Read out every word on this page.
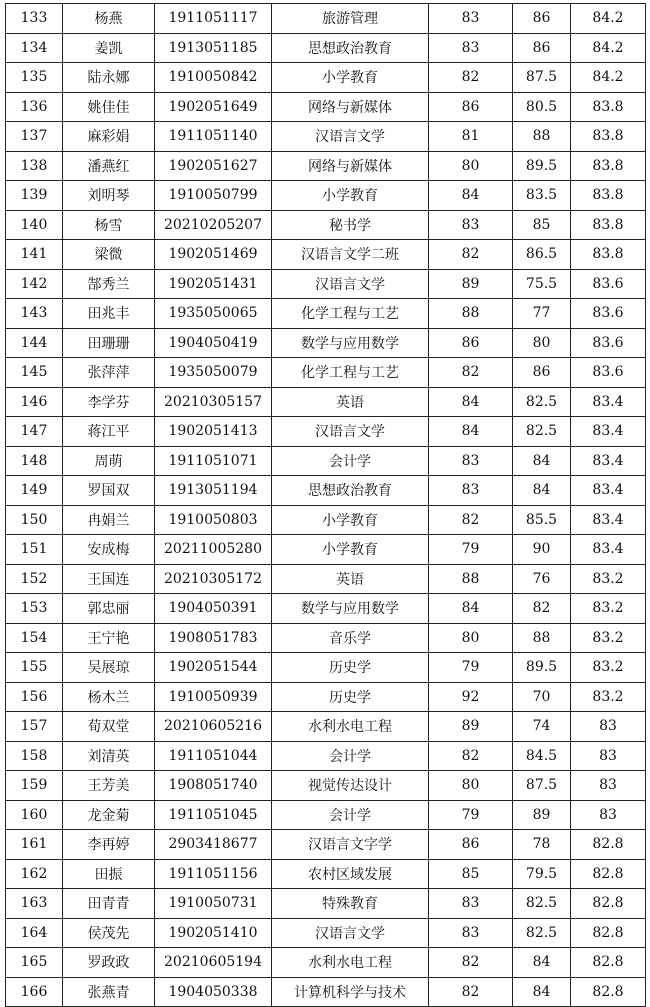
133	杨燕	1911051117	旅游管理	83	86	84.2
134	姜凯	1913051185	思想政治教育	83	86	84.2
135	陆永娜	1910050842	小学教育	82	87.5	84.2
136	姚佳佳	1902051649	网络与新媒体	86	80.5	83.8
137	麻彩娟	1911051140	汉语言文学	81	88	83.8
138	潘燕红	1902051627	网络与新媒体	80	89.5	83.8
139	刘明琴	1910050799	小学教育	84	83.5	83.8
140	杨雪	20210205207	秘书学	83	85	83.8
141	梁微	1902051469	汉语言文学二班	82	86.5	83.8
142	郜秀兰	1902051431	汉语言文学	89	75.5	83.6
143	田兆丰	1935050065	化学工程与工艺	88	77	83.6
144	田珊珊	1904050419	数学与应用数学	86	80	83.6
145	张萍萍	1935050079	化学工程与工艺	82	86	83.6
146	李学芬	20210305157	英语	84	82.5	83.4
147	蒋江平	1902051413	汉语言文学	84	82.5	83.4
148	周萌	1911051071	会计学	83	84	83.4
149	罗国双	1913051194	思想政治教育	83	84	83.4
150	冉娟兰	1910050803	小学教育	82	85.5	83.4
151	安成梅	20211005280	小学教育	79	90	83.4
152	王国连	20210305172	英语	88	76	83.2
153	郭忠丽	1904050391	数学与应用数学	84	82	83.2
154	王宁艳	1908051783	音乐学	80	88	83.2
155	吴展琼	1902051544	历史学	79	89.5	83.2
156	杨木兰	1910050939	历史学	92	70	83.2
157	荀双堂	20210605216	水利水电工程	89	74	83
158	刘清英	1911051044	会计学	82	84.5	83
159	王芳美	1908051740	视觉传达设计	80	87.5	83
160	龙金菊	1911051045	会计学	79	89	83
161	李再婷	2903418677	汉语言文字学	86	78	82.8
162	田振	1911051156	农村区域发展	85	79.5	82.8
163	田青青	1910050731	特殊教育	83	82.5	82.8
164	侯茂先	1902051410	汉语言文学	83	82.5	82.8
165	罗政政	20210605194	水利水电工程	82	84	82.8
166	张燕青	1904050338	计算机科学与技术	82	84	82.8
